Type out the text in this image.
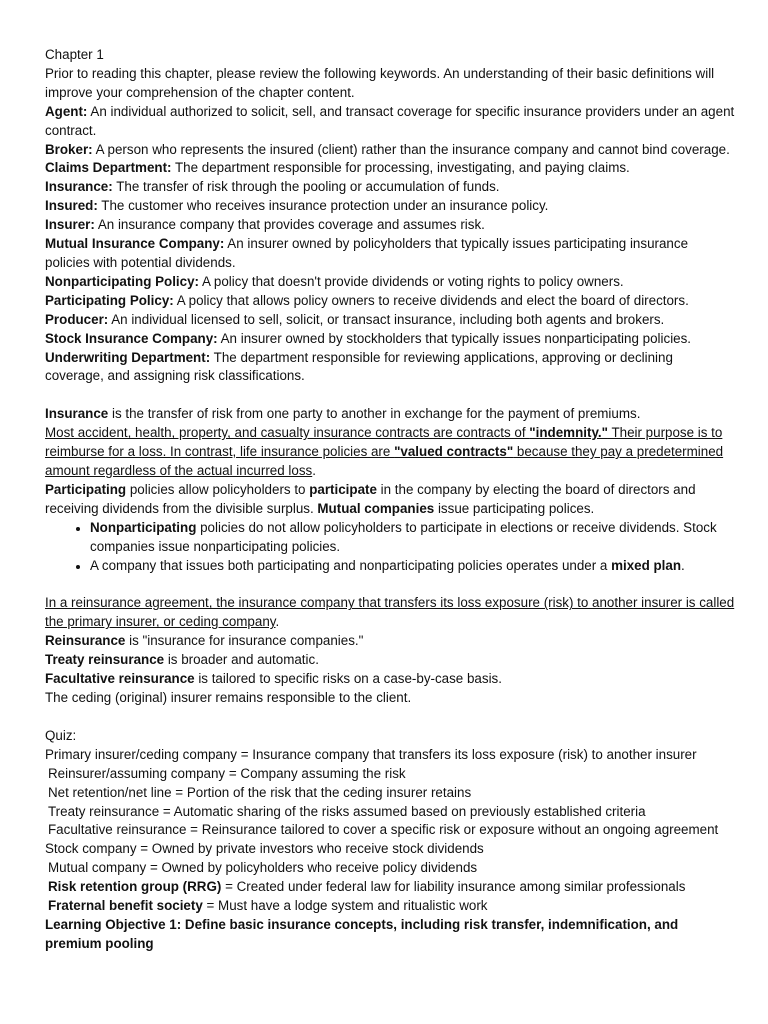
Chapter 1

Prior to reading this chapter, please review the following keywords. An understanding of their basic definitions will improve your comprehension of the chapter content.

Agent: An individual authorized to solicit, sell, and transact coverage for specific insurance providers under an agent contract.

Broker: A person who represents the insured (client) rather than the insurance company and cannot bind coverage.

Claims Department: The department responsible for processing, investigating, and paying claims.

Insurance: The transfer of risk through the pooling or accumulation of funds.

Insured: The customer who receives insurance protection under an insurance policy.

Insurer: An insurance company that provides coverage and assumes risk.

Mutual Insurance Company: An insurer owned by policyholders that typically issues participating insurance policies with potential dividends.

Nonparticipating Policy: A policy that doesn't provide dividends or voting rights to policy owners.

Participating Policy: A policy that allows policy owners to receive dividends and elect the board of directors.

Producer: An individual licensed to sell, solicit, or transact insurance, including both agents and brokers.

Stock Insurance Company: An insurer owned by stockholders that typically issues nonparticipating policies.

Underwriting Department: The department responsible for reviewing applications, approving or declining coverage, and assigning risk classifications.

Insurance is the transfer of risk from one party to another in exchange for the payment of premiums.

Most accident, health, property, and casualty insurance contracts are contracts of "indemnity." Their purpose is to reimburse for a loss. In contrast, life insurance policies are "valued contracts" because they pay a predetermined amount regardless of the actual incurred loss.

Participating policies allow policyholders to participate in the company by electing the board of directors and receiving dividends from the divisible surplus. Mutual companies issue participating polices.

• Nonparticipating policies do not allow policyholders to participate in elections or receive dividends. Stock companies issue nonparticipating policies.
• A company that issues both participating and nonparticipating policies operates under a mixed plan.

In a reinsurance agreement, the insurance company that transfers its loss exposure (risk) to another insurer is called the primary insurer, or ceding company.

Reinsurance is "insurance for insurance companies."

Treaty reinsurance is broader and automatic.

Facultative reinsurance is tailored to specific risks on a case-by-case basis.

The ceding (original) insurer remains responsible to the client.

Quiz:

Primary insurer/ceding company = Insurance company that transfers its loss exposure (risk) to another insurer

Reinsurer/assuming company = Company assuming the risk

Net retention/net line = Portion of the risk that the ceding insurer retains

Treaty reinsurance = Automatic sharing of the risks assumed based on previously established criteria

Facultative reinsurance = Reinsurance tailored to cover a specific risk or exposure without an ongoing agreement

Stock company = Owned by private investors who receive stock dividends

Mutual company = Owned by policyholders who receive policy dividends

Risk retention group (RRG) = Created under federal law for liability insurance among similar professionals

Fraternal benefit society = Must have a lodge system and ritualistic work

Learning Objective 1: Define basic insurance concepts, including risk transfer, indemnification, and premium pooling
